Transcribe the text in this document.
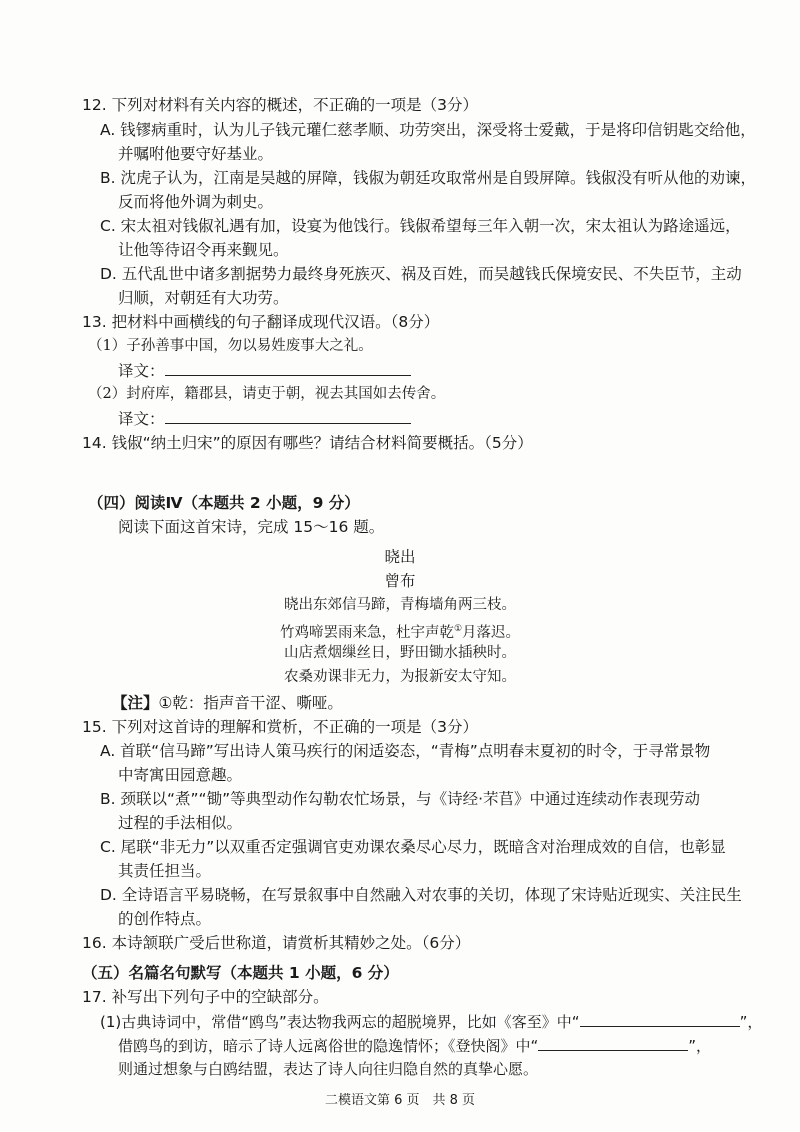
12. 下列对材料有关内容的概述，不正确的一项是（3分）
A. 钱镠病重时，认为儿子钱元瓘仁慈孝顺、功劳突出，深受将士爱戴，于是将印信钥匙交给他，
并嘱咐他要守好基业。
B. 沈虎子认为，江南是吴越的屏障，钱俶为朝廷攻取常州是自毁屏障。钱俶没有听从他的劝谏，
反而将他外调为刺史。
C. 宋太祖对钱俶礼遇有加，设宴为他饯行。钱俶希望每三年入朝一次，宋太祖认为路途遥远，
让他等待诏令再来觐见。
D. 五代乱世中诸多割据势力最终身死族灭、祸及百姓，而吴越钱氏保境安民、不失臣节，主动
归顺，对朝廷有大功劳。
13. 把材料中画横线的句子翻译成现代汉语。（8分）
（1）子孙善事中国，勿以易姓废事大之礼。
译文：
（2）封府库，籍郡县，请吏于朝，视去其国如去传舍。
译文：
14. 钱俶“纳土归宋”的原因有哪些？请结合材料简要概括。（5分）
（四）阅读Ⅳ（本题共 2 小题，9 分）
阅读下面这首宋诗，完成 15～16 题。
晓出
曾布
晓出东郊信马蹄，青梅墙角两三枝。
竹鸡啼罢雨来急，杜宇声乾①月落迟。
山店煮烟缫丝日，野田锄水插秧时。
农桑劝课非无力，为报新安太守知。
【注】①乾：指声音干涩、嘶哑。
15. 下列对这首诗的理解和赏析，不正确的一项是（3分）
A. 首联“信马蹄”写出诗人策马疾行的闲适姿态，“青梅”点明春末夏初的时令，于寻常景物
中寄寓田园意趣。
B. 颈联以“煮”“锄”等典型动作勾勒农忙场景，与《诗经·芣苢》中通过连续动作表现劳动
过程的手法相似。
C. 尾联“非无力”以双重否定强调官吏劝课农桑尽心尽力，既暗含对治理成效的自信，也彰显
其责任担当。
D. 全诗语言平易晓畅，在写景叙事中自然融入对农事的关切，体现了宋诗贴近现实、关注民生
的创作特点。
16. 本诗颔联广受后世称道，请赏析其精妙之处。（6分）
（五）名篇名句默写（本题共 1 小题，6 分）
17. 补写出下列句子中的空缺部分。
(1)古典诗词中，常借“鸥鸟”表达物我两忘的超脱境界，比如《客至》中“	”，
借鸥鸟的到访，暗示了诗人远离俗世的隐逸情怀；《登快阁》中“	”，
则通过想象与白鸥结盟，表达了诗人向往归隐自然的真挚心愿。
二模语文第 6 页　共 8 页
